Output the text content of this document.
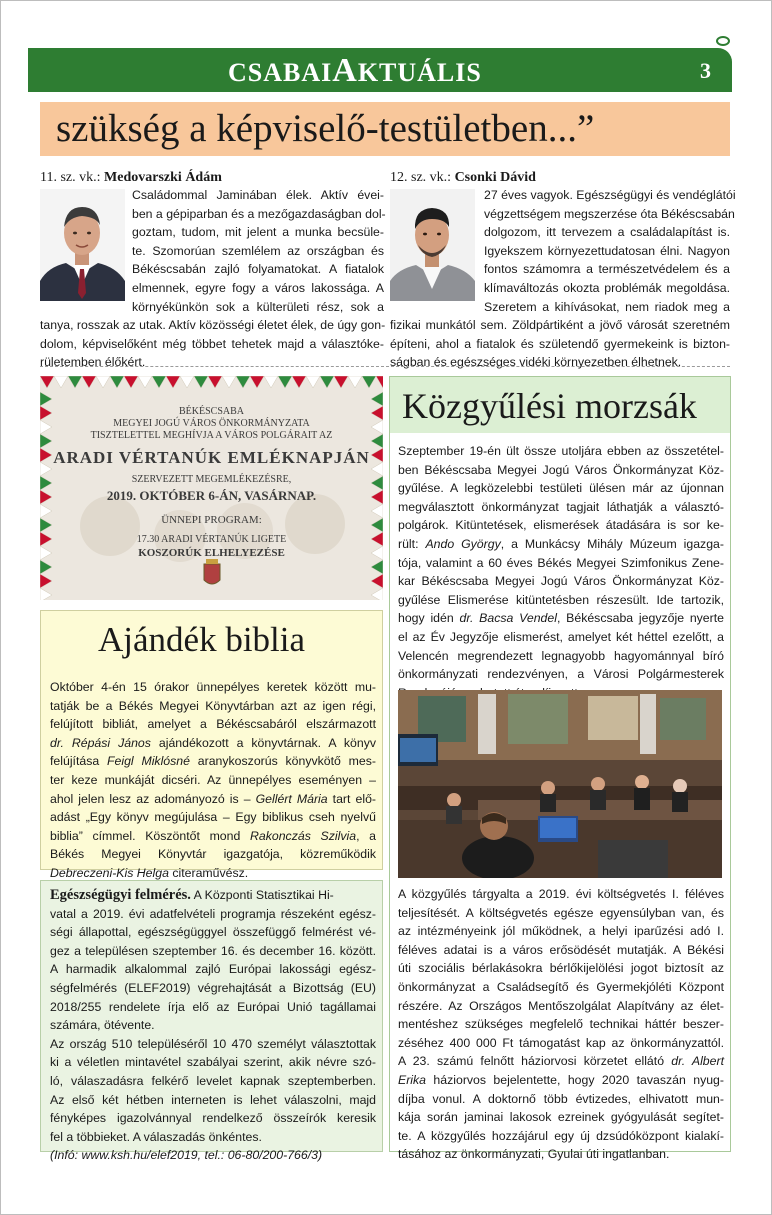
CSABAIAKTUÁLIS	3
szükség a képviselő-testületben...”
11. sz. vk.: Medovarszki Ádám
Családommal Jaminában élek. Aktív évei-
ben a gépiparban és a mezőgazdaságban dol-
goztam, tudom, mit jelent a munka becsüle-
te. Szomorúan szemlélem az országban és
Békéscsabán zajló folyamatokat. A fiatalok
elmennek, egyre fogy a város lakossága. A
környékünkön sok a külterületi rész, sok a
tanya, rosszak az utak. Aktív közösségi életet élek, de úgy gon-
dolom, képviselőként még többet tehetek majd a választóke-
rületemben élőkért.
12. sz. vk.: Csonki Dávid
27 éves vagyok. Egészségügyi és vendéglátói
végzettségem megszerzése óta Békéscsabán
dolgozom, itt tervezem a családalapítást is.
Igyekszem környezettudatosan élni. Nagyon
fontos számomra a természetvédelem és a
klímaváltozás okozta problémák megoldása.
Szeretem a kihívásokat, nem riadok meg a
fizikai munkától sem. Zöldpártiként a jövő városát szeretném
építeni, ahol a fiatalok és születendő gyermekeink is bizton-
ságban és egészséges vidéki környezetben élhetnek.
BÉKÉSCSABA
MEGYEI JOGÚ VÁROS ÖNKORMÁNYZATA
TISZTELETTEL MEGHÍVJA A VÁROS POLGÁRAIT AZ
ARADI VÉRTANÚK EMLÉKNAPJÁN
SZERVEZETT MEGEMLÉKEZÉSRE,
2019. OKTÓBER 6-ÁN, VASÁRNAP.
ÜNNEPI PROGRAM:
17.30 ARADI VÉRTANÚK LIGETE
KOSZORÚK ELHELYEZÉSE
Ajándék biblia
Október 4-én 15 órakor ünnepélyes keretek között mu-
tatják be a Békés Megyei Könyvtárban azt az igen régi,
felújított bibliát, amelyet a Békéscsabáról elszármazott
dr. Répási János ajándékozott a könyvtárnak. A könyv
felújítása Feigl Miklósné aranykoszorús könyvkötő mes-
ter keze munkáját dicséri. Az ünnepélyes eseményen –
ahol jelen lesz az adományozó is – Gellért Mária tart elő-
adást „Egy könyv megújulása – Egy biblikus cseh nyelvű
biblia” címmel. Köszöntőt mond Rakonczás Szilvia, a
Békés Megyei Könyvtár igazgatója, közreműködik
Debreczeni-Kis Helga citeraművész.
Egészségügyi felmérés. A Központi Statisztikai Hi-
vatal a 2019. évi adatfelvételi programja részeként egész-
ségi állapottal, egészségüggyel összefüggő felmérést vé-
gez a településen szeptember 16. és december 16. között.
A harmadik alkalommal zajló Európai lakossági egész-
ségfelmérés (ELEF2019) végrehajtását a Bizottság (EU)
2018/255 rendelete írja elő az Európai Unió tagállamai
számára, ötévente.
Az ország 510 településéről 10 470 személyt választottak
ki a véletlen mintavétel szabályai szerint, akik névre szó-
ló, válaszadásra felkérő levelet kapnak szeptemberben.
Az első két hétben interneten is lehet válaszolni, majd
fényképes igazolvánnyal rendelkező összeírók keresik
fel a többieket. A válaszadás önkéntes.
(Infó: www.ksh.hu/elef2019, tel.: 06-80/200-766/3)
Közgyűlési morzsák
Szeptember 19-én ült össze utoljára ebben az összetétel-
ben Békéscsaba Megyei Jogú Város Önkormányzat Köz-
gyűlése. A legközelebbi testületi ülésen már az újonnan
megválasztott önkormányzat tagjait láthatják a választó-
polgárok. Kitüntetések, elismerések átadására is sor ke-
rült: Ando György, a Munkácsy Mihály Múzeum igazga-
tója, valamint a 60 éves Békés Megyei Szimfonikus Zene-
kar Békéscsaba Megyei Jogú Város Önkormányzat Köz-
gyűlése Elismerése kitüntetésben részesült. Ide tartozik,
hogy idén dr. Bacsa Vendel, Békéscsaba jegyzője nyerte
el az Év Jegyzője elismerést, amelyet két héttel ezelőtt, a
Velencén megrendezett legnagyobb hagyománnyal bíró
önkormányzati rendezvényen, a Városi Polgármesterek
A közgyűlés tárgyalta a 2019. évi költségvetés I. féléves
teljesítését. A költségvetés egésze egyensúlyban van, és
az intézményeink jól működnek, a helyi iparűzési adó I.
féléves adatai is a város erősödését mutatják. A Békési
úti szociális bérlakásokra bérlőkijelölési jogot biztosít az
önkormányzat a Családsegítő és Gyermekjóléti Központ
részére. Az Országos Mentőszolgálat Alapítvány az élet-
mentéshez szükséges megfelelő technikai háttér beszer-
zéséhez 400 000 Ft támogatást kap az önkormányzattól.
A 23. számú felnőtt háziorvosi körzetet ellátó dr. Albert
Erika háziorvos bejelentette, hogy 2020 tavaszán nyug-
díjba vonul. A doktornő több évtizedes, elhivatott mun-
kája során jaminai lakosok ezreinek gyógyulását segítet-
te. A közgyűlés hozzájárul egy új dzsúdóközpont kialakí-
tásához az önkormányzati, Gyulai úti ingatlanban.
